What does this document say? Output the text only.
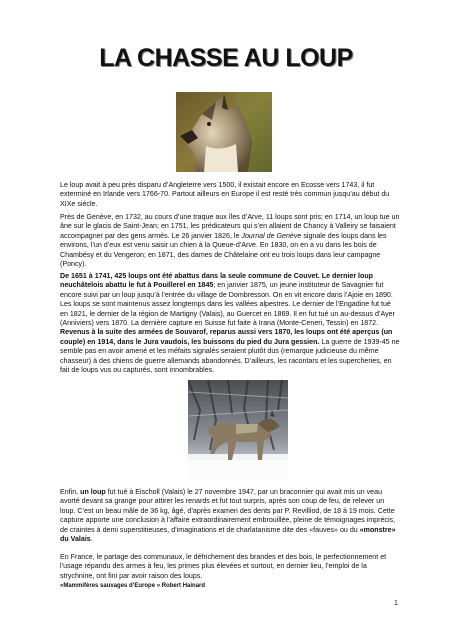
LA CHASSE AU LOUP
Le loup avait à peu près disparu d’Angleterre vers 1500, il existait encore en Ecosse vers 1743, il fut exterminé en Irlande vers 1766-70. Partout ailleurs en Europe il est resté très commun jusqu’au début du XIXe siècle.
Près de Genève, en 1732, au cours d’une traque aux îles d’Arve, 11 loups sont pris; en 1714, un loup tue un âne sur le glacis de Saint-Jean; en 1751, les prédicateurs qui s’en allaient de Chancy à Valleiry se faisaient accompagner par des gens armés. Le 26 janvier 1826, le Journal de Genève signale des loups dans les environs, l’un d’eux est venu saisir un chien à la Queue-d’Arve. En 1830, on en a vu dans les bois de Chambésy et du Vengeron; en 1871, des dames de Châtelaine ont eu trois loups dans leur campagne (Poncy).
De 1651 à 1741, 425 loups ont été abattus dans la seule commune de Couvet. Le dernier loup neuchâtelois abattu le fut à Pouillerel en 1845; en janvier 1875, un jeune instituteur de Savagnier fut encore suivi par un loup jusqu’à l’entrée du village de Dombresson. On en vit encore dans l’Ajoie en 1890. Les loups se sont maintenus assez longtemps dans les vallées alpestres. Le dernier de l’Engadine fut tué en 1821, le dernier de la région de Martigny (Valais), au Guercet en 1869. Il en fut tué un au-dessus d’Ayer (Anniviers) vers 1870. La dernière capture en Suisse fut faite à Irana (Monte-Ceneri, Tessin) en 1872. Revenus à la suite des armées de Souvarof, reparus aussi vers 1870, les loups ont été aperçus (un couple) en 1914, dans le Jura vaudois, les buissons du pied du Jura gessien. La guerre de 1939-45 ne semble pas en avoir amené et les méfaits signalés seraient plutôt dus (remarque judicieuse du même chasseur) à des chiens de guerre allemands abandonnés. D’ailleurs, les racontars et les supercheries, en fait de loups vus ou capturés, sont innombrables.
Enfin, un loup fut tué à Eischoll (Valais) le 27 novembre 1947, par un braconnier qui avait mis un veau avorté devant sa grange pour attirer les renards et fut tout surpris, après son coup de feu, de relever un loup. C’est un beau mâle de 36 kg, âgé, d’après examen des dents par P. Revilliod, de 18 à 19 mois. Cette capture apporte une conclusion à l’affaire extraordinairement embrouillée, pleine de témoignages imprécis, de craintes à demi superstitieuses, d’imaginations et de charlatanisme dite des «fauves» ou du «monstre» du Valais.
En France, le partage des communaux, le défrichement des brandes et des bois, le perfectionnement et l’usage répandu des armes à feu, les primes plus élevées et surtout, en dernier lieu, l’emploi de la strychnine, ont fini par avoir raison des loups.
«Mammifères sauvages d’Europe » Robert Hainard
1
